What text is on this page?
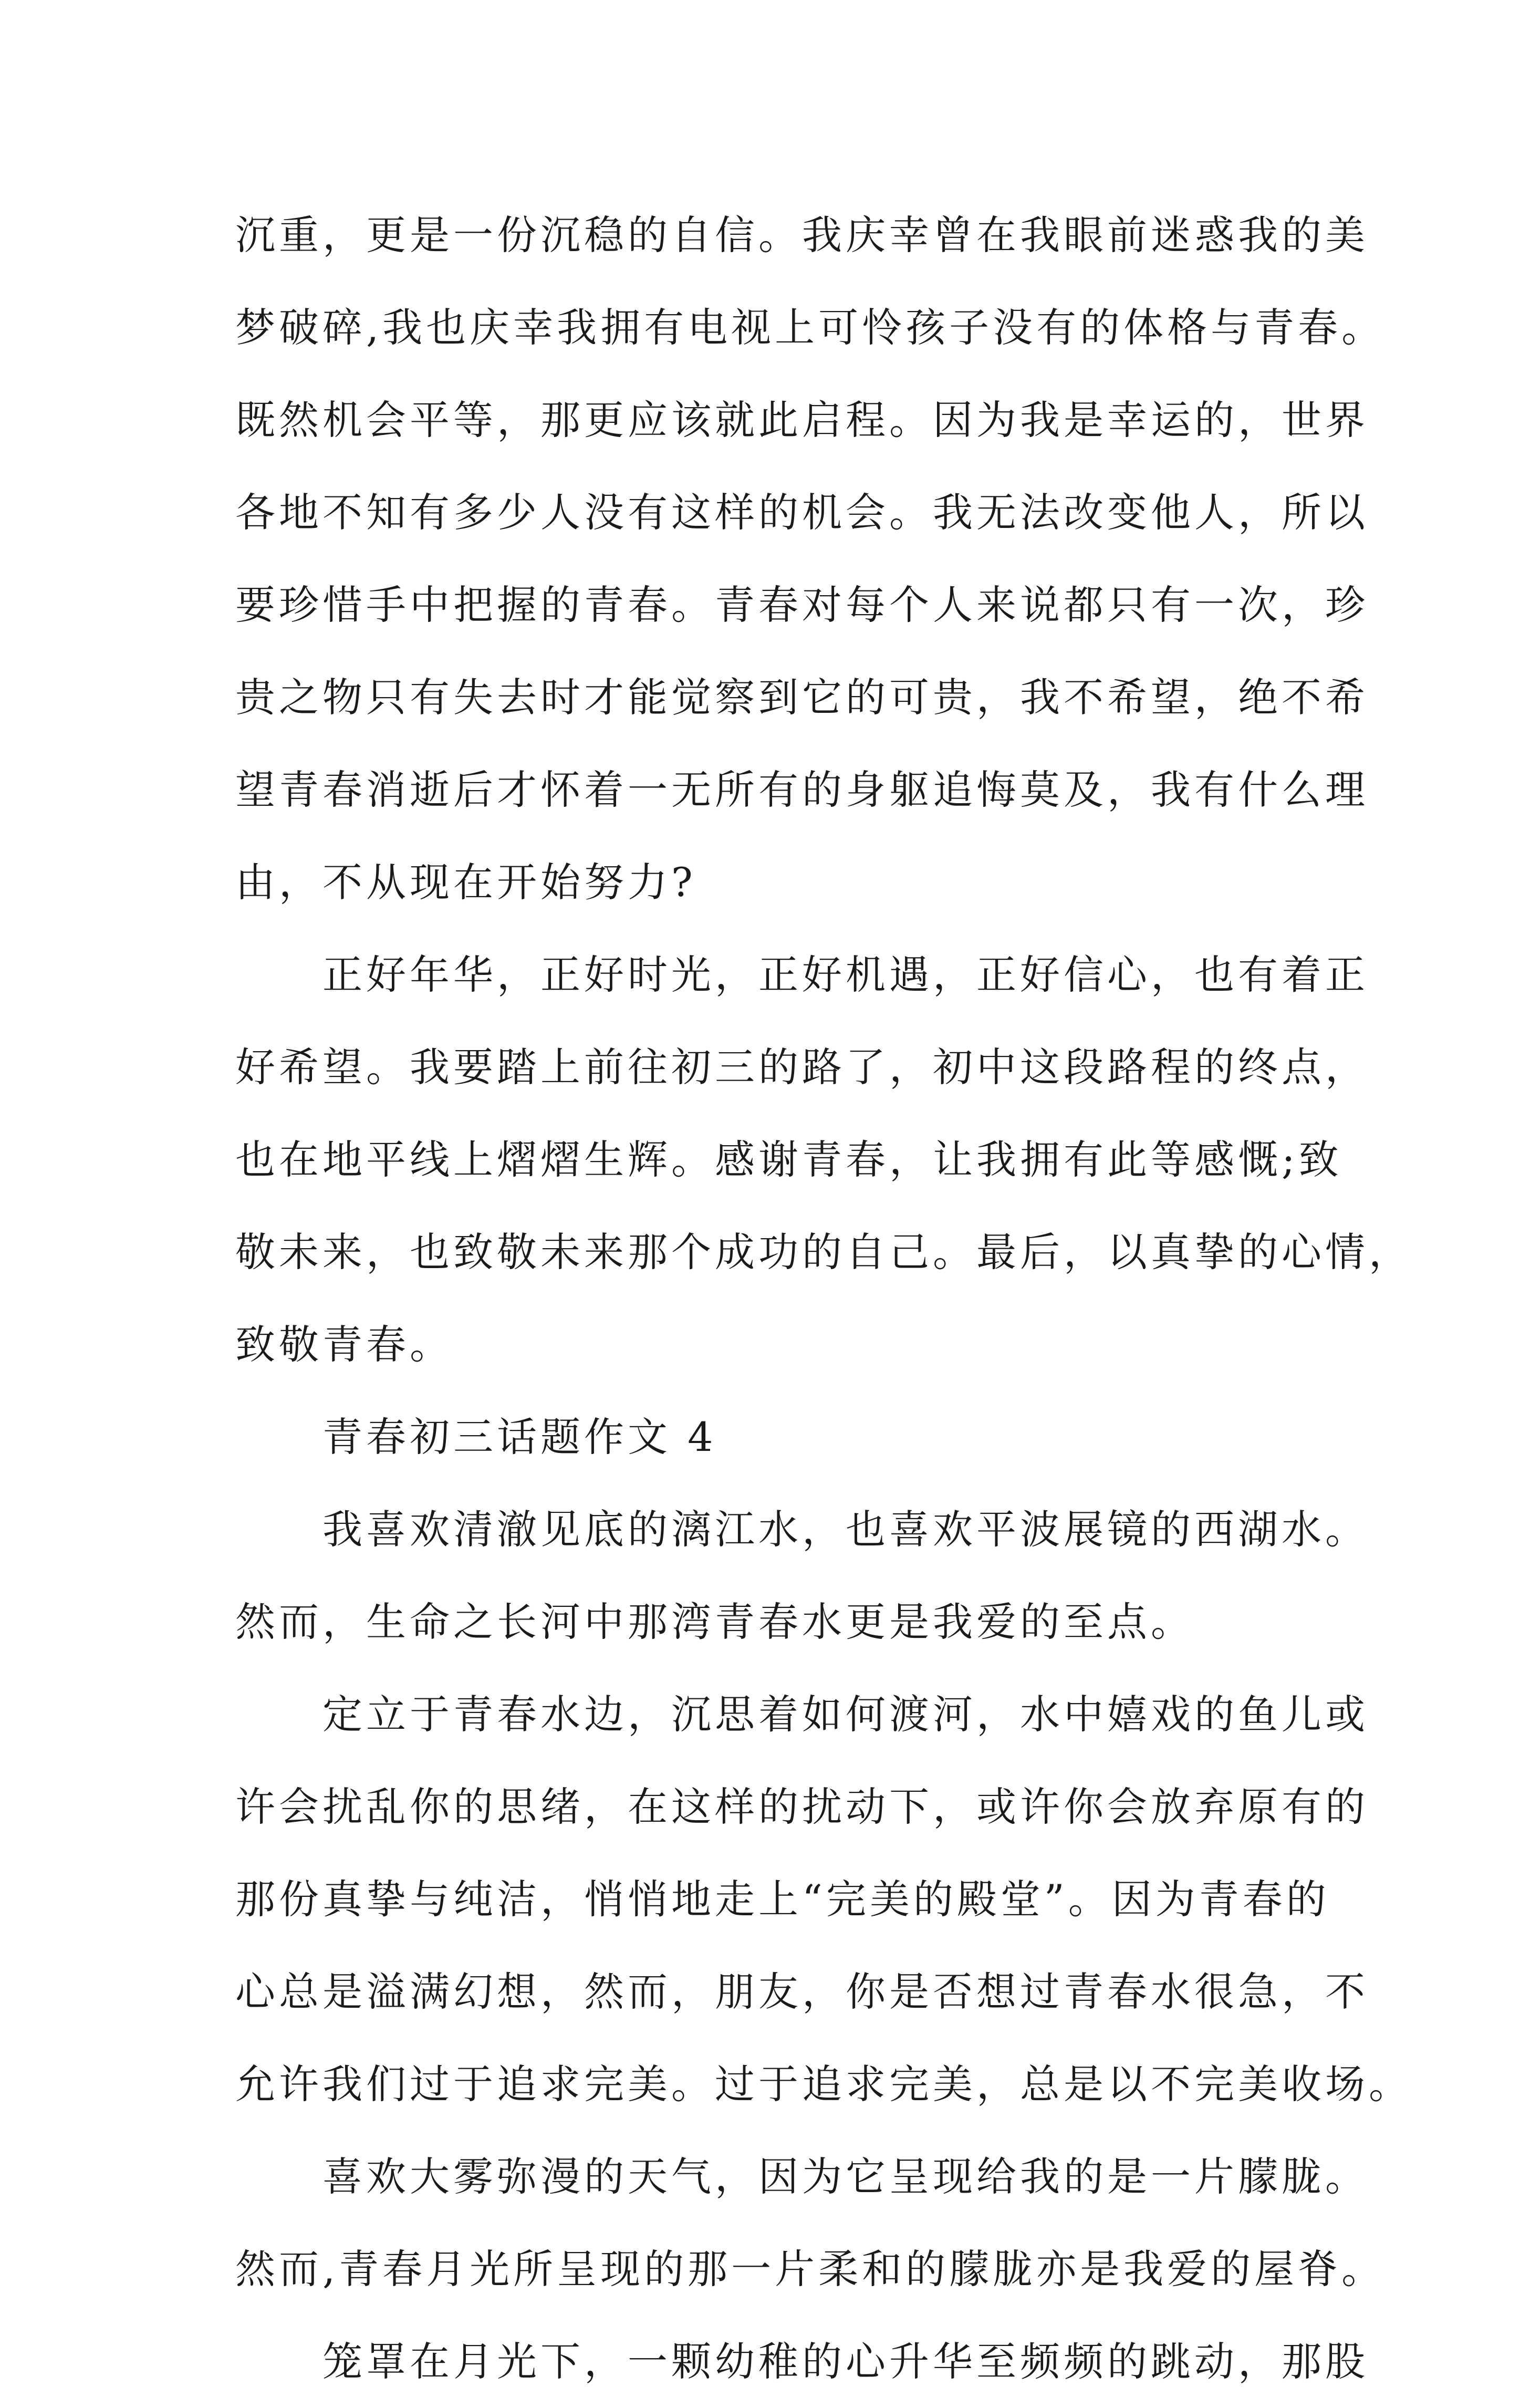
沉重，更是一份沉稳的自信。我庆幸曾在我眼前迷惑我的美
梦破碎,我也庆幸我拥有电视上可怜孩子没有的体格与青春。
既然机会平等，那更应该就此启程。因为我是幸运的，世界
各地不知有多少人没有这样的机会。我无法改变他人，所以
要珍惜手中把握的青春。青春对每个人来说都只有一次，珍
贵之物只有失去时才能觉察到它的可贵，我不希望，绝不希
望青春消逝后才怀着一无所有的身躯追悔莫及，我有什么理
由，不从现在开始努力?
　　正好年华，正好时光，正好机遇，正好信心，也有着正
好希望。我要踏上前往初三的路了，初中这段路程的终点，
也在地平线上熠熠生辉。感谢青春，让我拥有此等感慨;致
敬未来，也致敬未来那个成功的自己。最后，以真挚的心情，
致敬青春。
　　青春初三话题作文 4
　　我喜欢清澈见底的漓江水，也喜欢平波展镜的西湖水。
然而，生命之长河中那湾青春水更是我爱的至点。
　　定立于青春水边，沉思着如何渡河，水中嬉戏的鱼儿或
许会扰乱你的思绪，在这样的扰动下，或许你会放弃原有的
那份真挚与纯洁，悄悄地走上“完美的殿堂”。因为青春的
心总是溢满幻想，然而，朋友，你是否想过青春水很急，不
允许我们过于追求完美。过于追求完美，总是以不完美收场。
　　喜欢大雾弥漫的天气，因为它呈现给我的是一片朦胧。
然而,青春月光所呈现的那一片柔和的朦胧亦是我爱的屋脊。
　　笼罩在月光下，一颗幼稚的心升华至频频的跳动，那股
